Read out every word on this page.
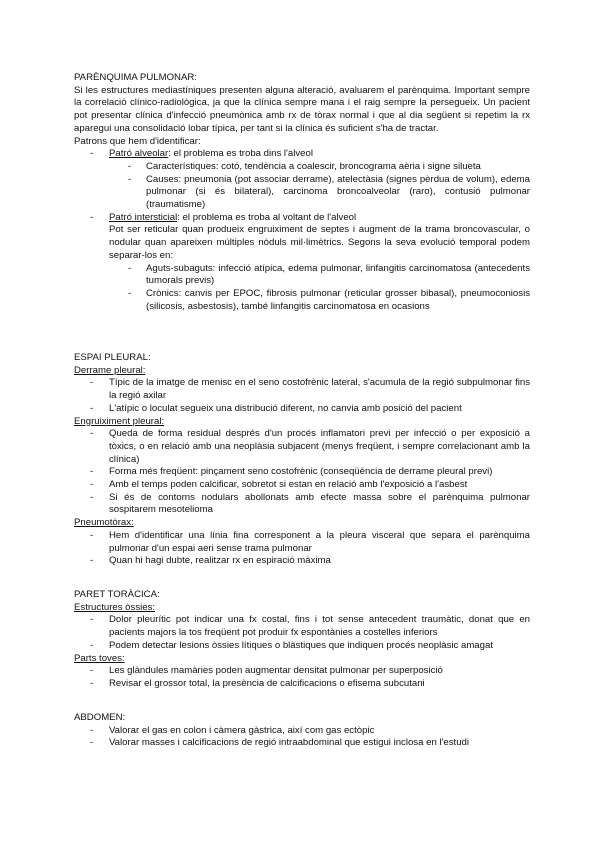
PARÈNQUIMA PULMONAR:

Si les estructures mediastíniques presenten alguna alteració, avaluarem el parènquima. Important sempre la correlació clínico-radiològica, ja que la clínica sempre mana i el raig sempre la persegueix. Un pacient pot presentar clínica d'infecció pneumònica amb rx de tòrax normal i que al dia següent si repetim la rx aparegui una consolidació lobar típica, per tant si la clínica és suficient s'ha de tractar.

Patrons que hem d'identificar:

-	Patró alveolar: el problema es troba dins l'alveol
-	Característiques: cotó, tendència a coalescir, broncograma aèria i signe silueta
-	Causes: pneumonia (pot associar derrame), atelectàsia (signes pèrdua de volum), edema pulmonar (si és bilateral), carcinoma broncoalveolar (raro), contusió pulmonar (traumatisme)
-	Patró intersticial: el problema es troba al voltant de l'alveol
Pot ser reticular quan produeix engruiximent de septes i augment de la trama broncovascular, o nodular quan apareixen múltiples nòduls mil·limètrics. Segons la seva evolució temporal podem separar-los en:
-	Aguts-subaguts: infecció atípica, edema pulmonar, linfangitis carcinomatosa (antecedents tumorals previs)
-	Crònics: canvis per EPOC, fibrosis pulmonar (reticular grosser bibasal), pneumoconiosis (silicosis, asbestosis), també linfangitis carcinomatosa en ocasions

ESPAI PLEURAL:

Derrame pleural:

-	Típic de la imatge de menisc en el seno costofrènic lateral, s'acumula de la regió subpulmonar fins la regió axilar
-	L'atípic o loculat segueix una distribució diferent, no canvia amb posició del pacient

Engruiximent pleural:

-	Queda de forma residual després d'un procés inflamatori previ per infecció o per exposició a tòxics, o en relació amb una neoplàsia subjacent (menys freqüent, i sempre correlacionant amb la clínica)
-	Forma més freqüent: pinçament seno costofrènic (conseqüència de derrame pleural previ)
-	Amb el temps poden calcificar, sobretot si estan en relació amb l'exposició a l'asbest
-	Si és de contorns nodulars abollonats amb efecte massa sobre el parènquima pulmonar sospitarem mesotelioma

Pneumotòrax:

-	Hem d'identificar una línia fina corresponent a la pleura visceral que separa el parènquima pulmonar d'un espai aeri sense trama pulmonar
-	Quan hi hagi dubte, realitzar rx en espiració màxima

PARET TORÀCICA:

Estructures òssies:

-	Dolor pleurític pot indicar una fx costal, fins i tot sense antecedent traumàtic, donat que en pacients majors la tos freqüent pot produir fx espontànies a costelles inferiors
-	Podem detectar lesions òssies lítiques o blàstiques que indiquen procés neoplàsic amagat

Parts toves:

-	Les glàndules mamàries poden augmentar densitat pulmonar per superposició
-	Revisar el grossor total, la presència de calcificacions o efisema subcutani

ABDOMEN:

-	Valorar el gas en colon i càmera gàstrica, així com gas ectòpic
-	Valorar masses i calcificacions de regió intraabdominal que estigui inclosa en l'estudi
